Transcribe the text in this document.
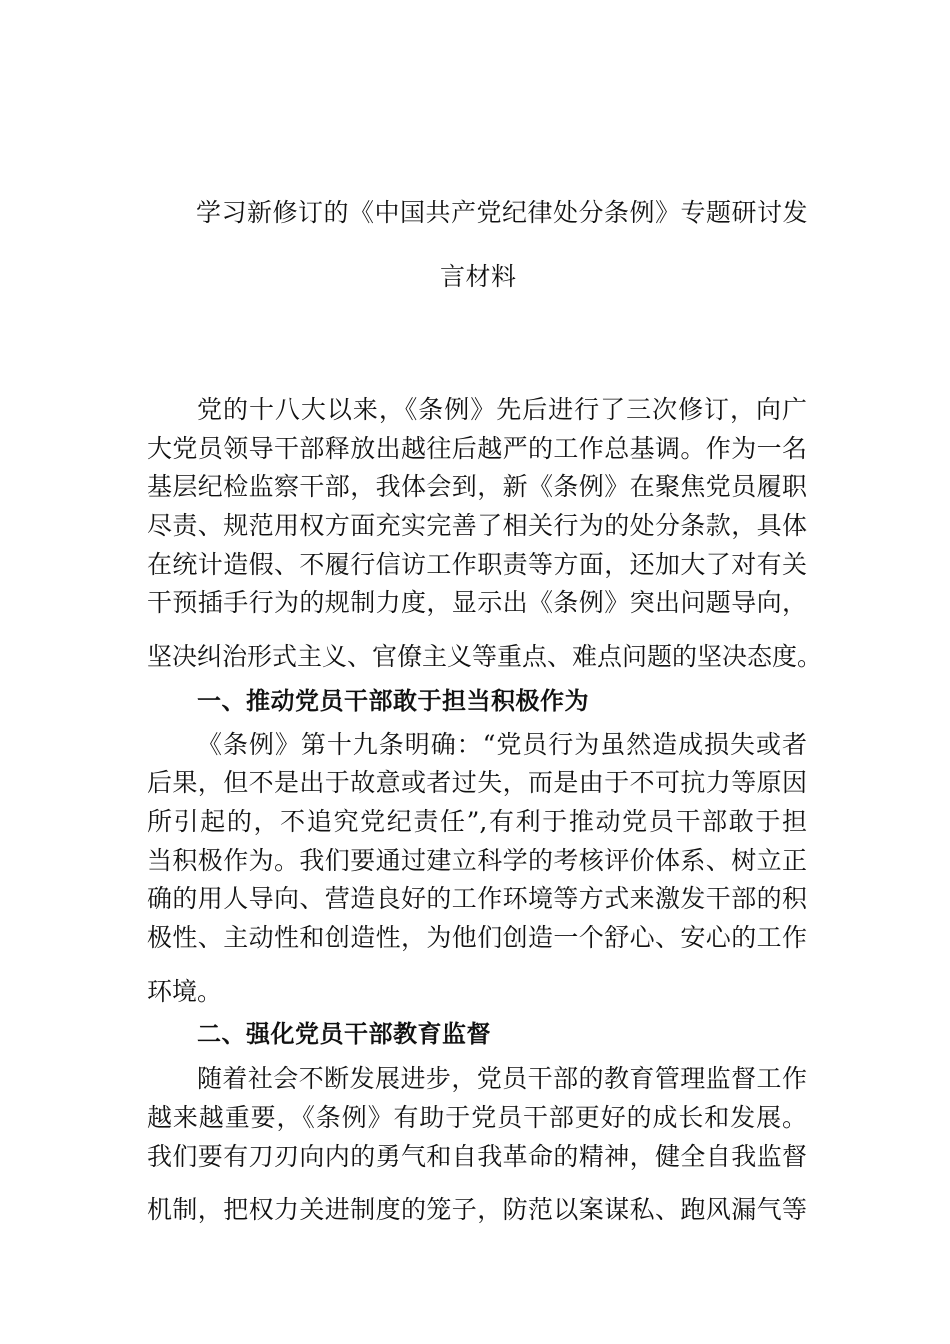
学习新修订的《中国共产党纪律处分条例》专题研讨发
言材料
党的十八大以来，《条例》先后进行了三次修订，向广
大党员领导干部释放出越往后越严的工作总基调。作为一名
基层纪检监察干部，我体会到，新《条例》在聚焦党员履职
尽责、规范用权方面充实完善了相关行为的处分条款，具体
在统计造假、不履行信访工作职责等方面，还加大了对有关
干预插手行为的规制力度，显示出《条例》突出问题导向，
坚决纠治形式主义、官僚主义等重点、难点问题的坚决态度。
一、推动党员干部敢于担当积极作为
《条例》第十九条明确：“党员行为虽然造成损失或者
后果，但不是出于故意或者过失，而是由于不可抗力等原因
所引起的，不追究党纪责任”,有利于推动党员干部敢于担
当积极作为。我们要通过建立科学的考核评价体系、树立正
确的用人导向、营造良好的工作环境等方式来激发干部的积
极性、主动性和创造性，为他们创造一个舒心、安心的工作
环境。
二、强化党员干部教育监督
随着社会不断发展进步，党员干部的教育管理监督工作
越来越重要，《条例》有助于党员干部更好的成长和发展。
我们要有刀刃向内的勇气和自我革命的精神，健全自我监督
机制，把权力关进制度的笼子，防范以案谋私、跑风漏气等
